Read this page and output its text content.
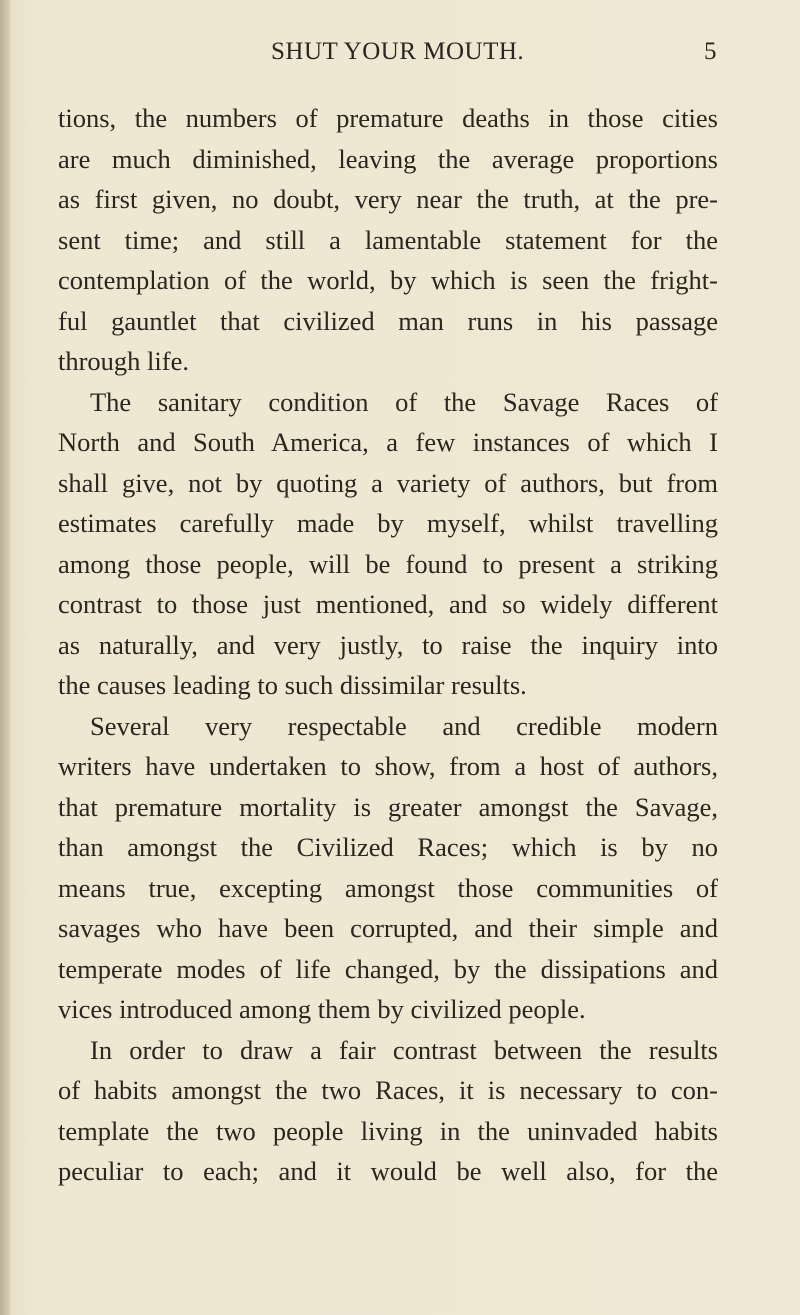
SHUT YOUR MOUTH.	5
tions, the numbers of premature deaths in those cities
are much diminished, leaving the average proportions
as first given, no doubt, very near the truth, at the pre-
sent time; and still a lamentable statement for the
contemplation of the world, by which is seen the fright-
ful gauntlet that civilized man runs in his passage
through life.
The sanitary condition of the Savage Races of
North and South America, a few instances of which I
shall give, not by quoting a variety of authors, but from
estimates carefully made by myself, whilst travelling
among those people, will be found to present a striking
contrast to those just mentioned, and so widely different
as naturally, and very justly, to raise the inquiry into
the causes leading to such dissimilar results.
Several very respectable and credible modern
writers have undertaken to show, from a host of authors,
that premature mortality is greater amongst the Savage,
than amongst the Civilized Races; which is by no
means true, excepting amongst those communities of
savages who have been corrupted, and their simple and
temperate modes of life changed, by the dissipations and
vices introduced among them by civilized people.
In order to draw a fair contrast between the results
of habits amongst the two Races, it is necessary to con-
template the two people living in the uninvaded habits
peculiar to each; and it would be well also, for the
